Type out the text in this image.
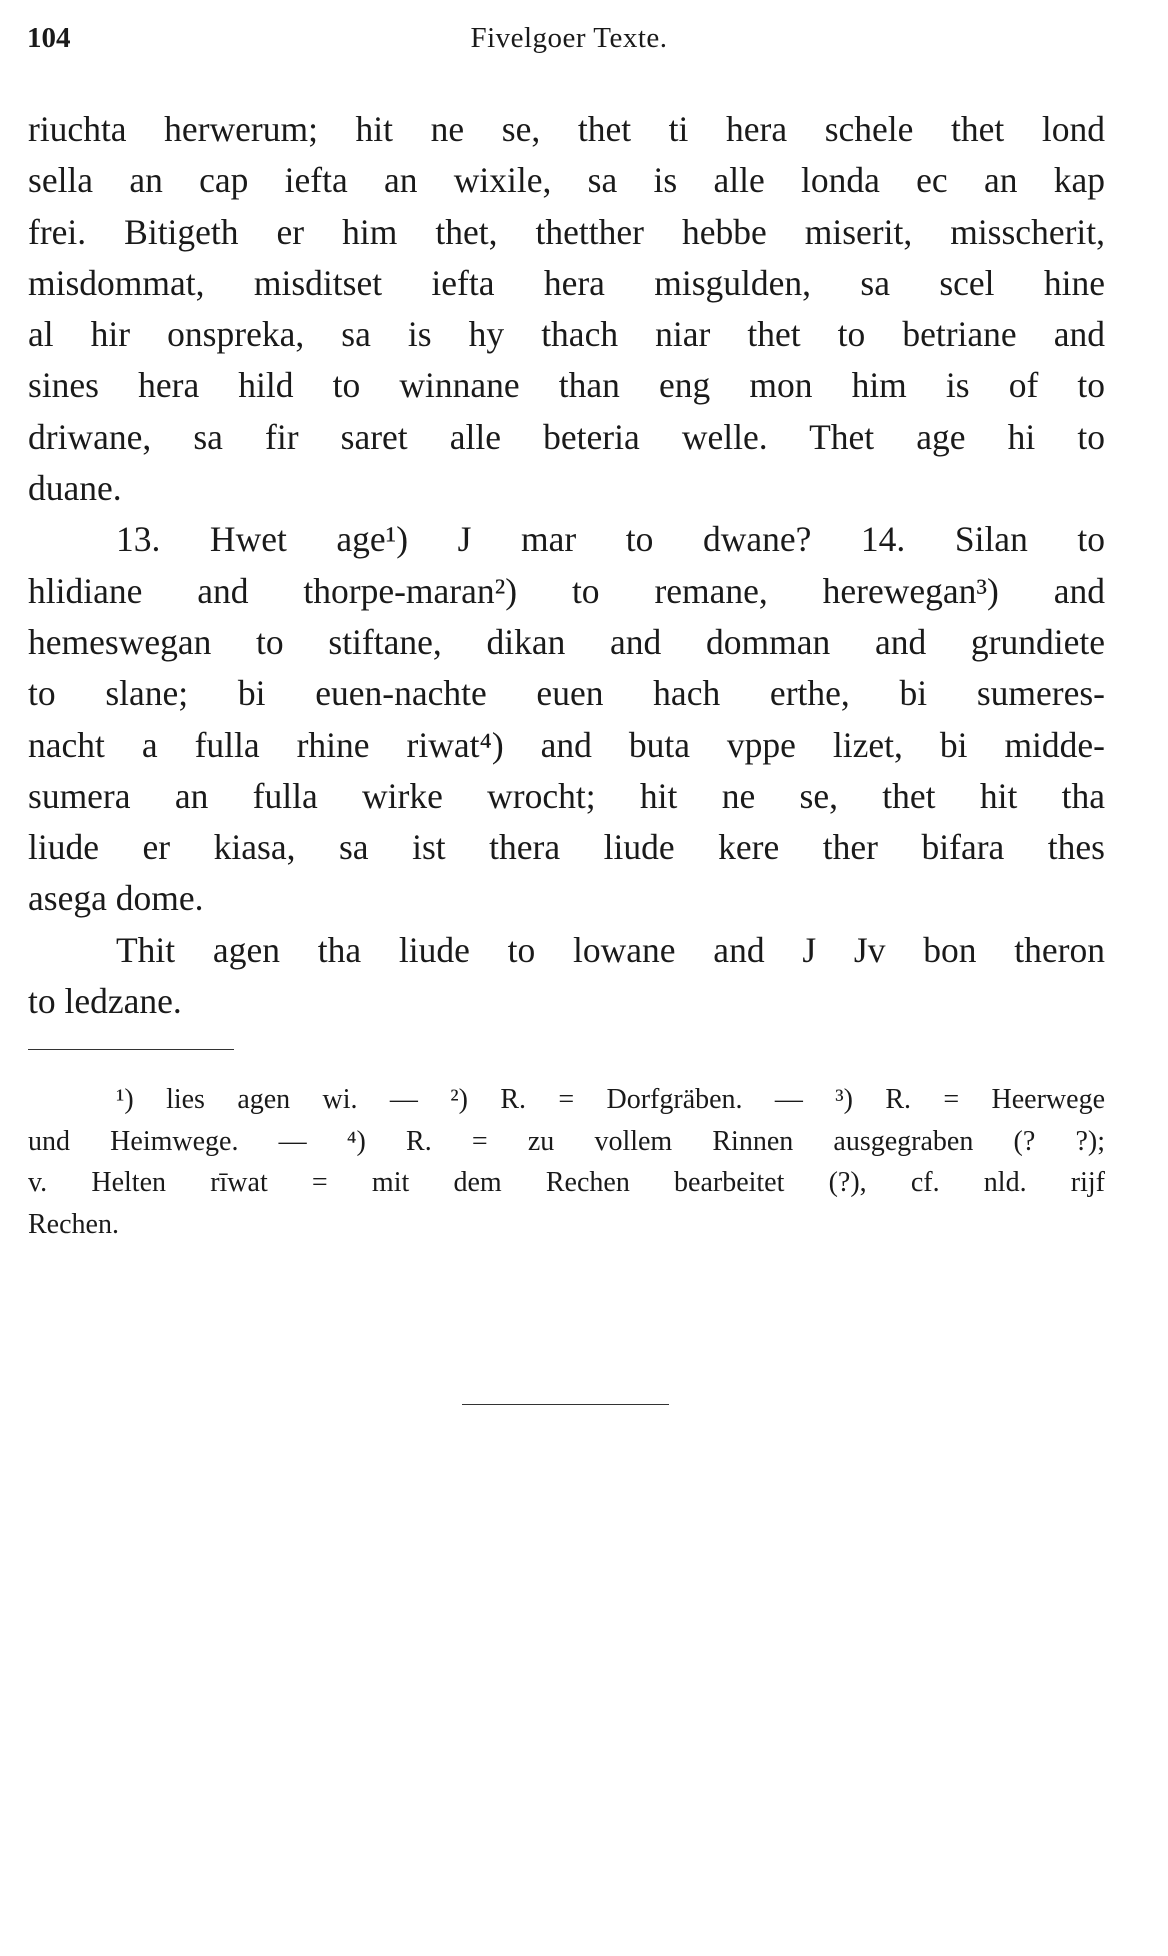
104	Fivelgoer Texte.
riuchta herwerum; hit ne se, thet ti hera schele thet lond
sella an cap iefta an wixile, sa is alle londa ec an kap
frei. Bitigeth er him thet, thetther hebbe miserit, misscherit,
misdommat, misditset iefta hera misgulden, sa scel hine
al hir onspreka, sa is hy thach niar thet to betriane and
sines hera hild to winnane than eng mon him is of to
driwane, sa fir saret alle beteria welle. Thet age hi to
duane.
13. Hwet age¹) J mar to dwane? 14. Silan to
hlidiane and thorpe-maran²) to remane, herewegan³) and
hemeswegan to stiftane, dikan and domman and grundiete
to slane; bi euen-nachte euen hach erthe, bi sumeres-
nacht a fulla rhine riwat⁴) and buta vppe lizet, bi midde-
sumera an fulla wirke wrocht; hit ne se, thet hit tha
liude er kiasa, sa ist thera liude kere ther bifara thes
asega dome.
Thit agen tha liude to lowane and J Jv bon theron
to ledzane.
¹) lies agen wi. — ²) R. = Dorfgräben. — ³) R. = Heerwege
und Heimwege. — ⁴) R. = zu vollem Rinnen ausgegraben (? ?);
v. Helten rīwat = mit dem Rechen bearbeitet (?), cf. nld. rijf
Rechen.
